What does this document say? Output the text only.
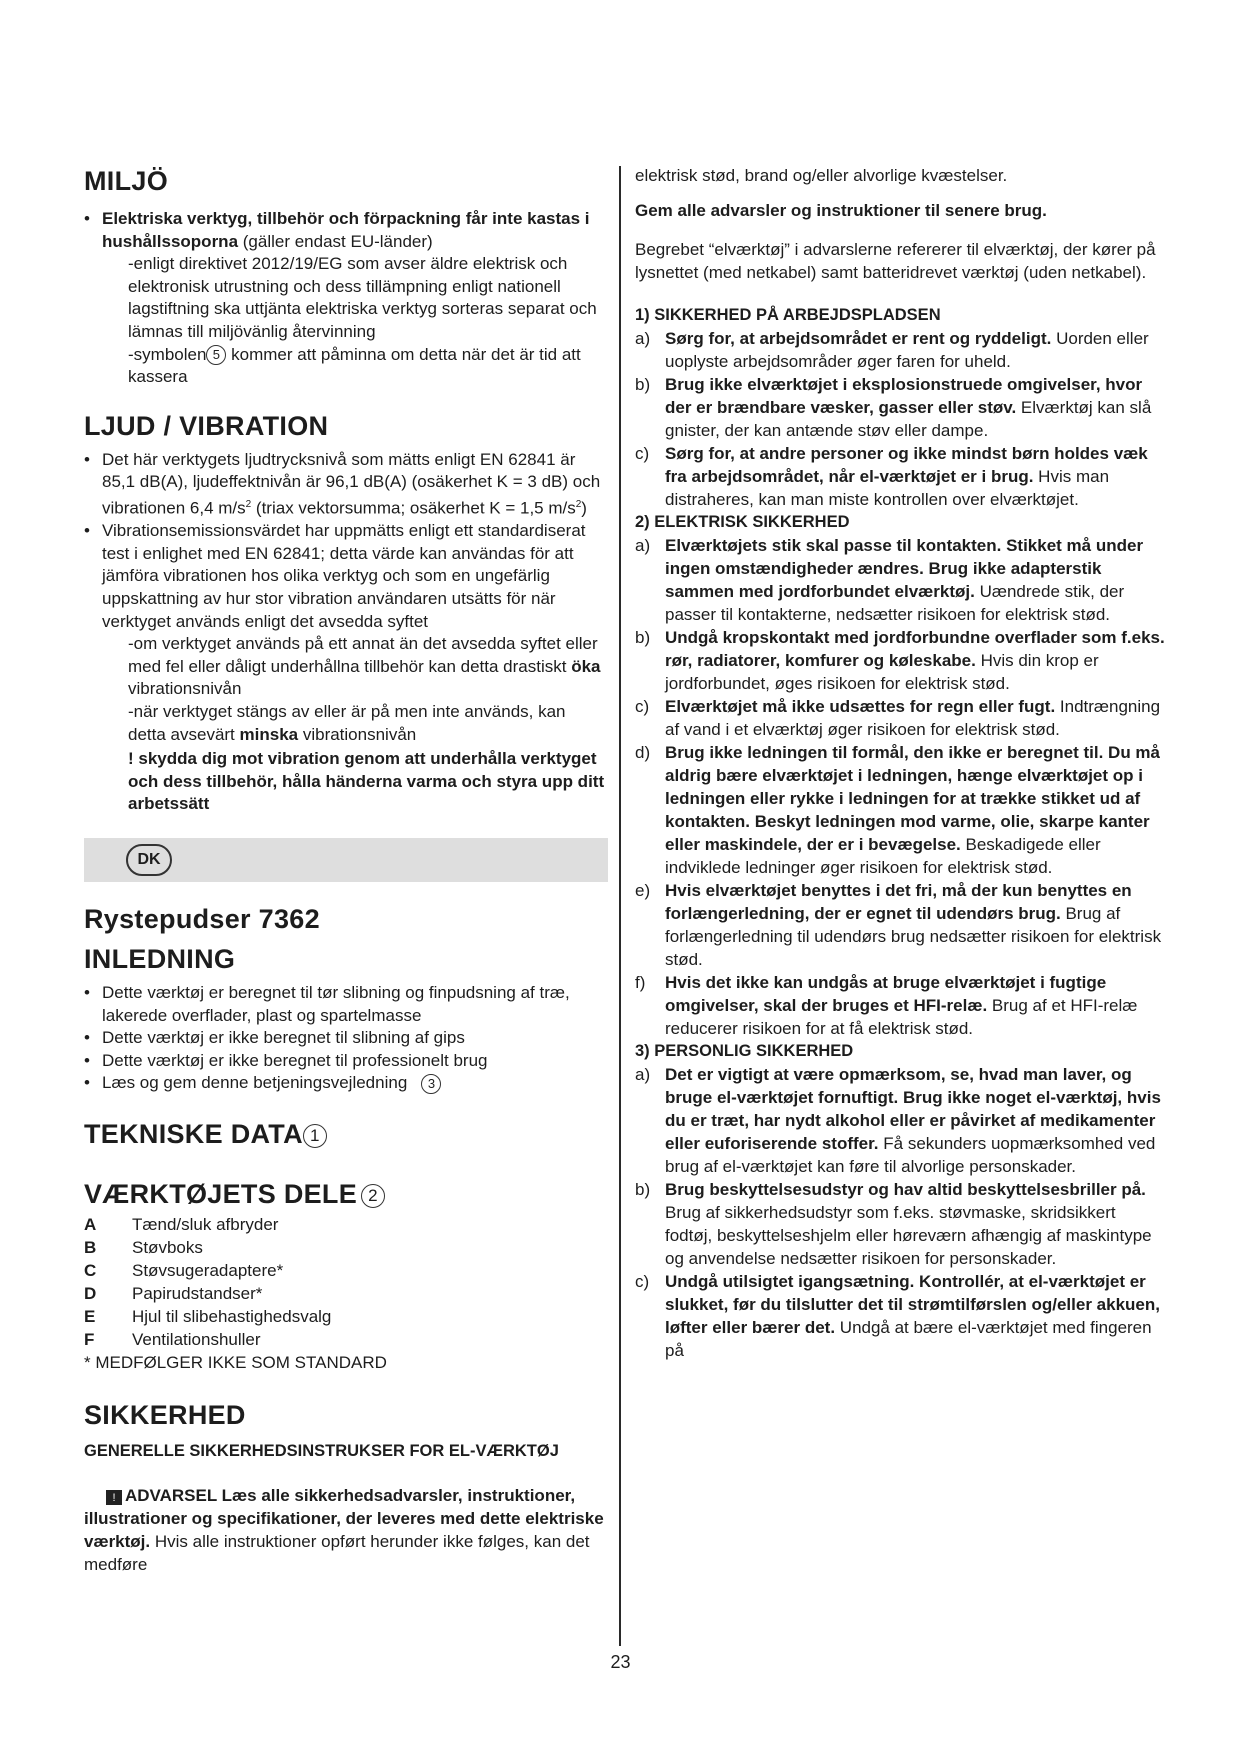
MILJÖ
• Elektriska verktyg, tillbehör och förpackning får inte kastas i hushållssoporna (gäller endast EU-länder)
-enligt direktivet 2012/19/EG som avser äldre elektrisk och elektronisk utrustning och dess tillämpning enligt nationell lagstiftning ska uttjänta elektriska verktyg sorteras separat och lämnas till miljövänlig återvinning
-symbolen 5 kommer att påminna om detta när det är tid att kassera
LJUD / VIBRATION
• Det här verktygets ljudtrycksnivå som mätts enligt EN 62841 är 85,1 dB(A), ljudeffektnivån är 96,1 dB(A) (osäkerhet K = 3 dB) och vibrationen 6,4 $m/s^2$ (triax vektorsumma; osäkerhet K = 1,5 $m/s^2$)
• Vibrationsemissionsvärdet har uppmätts enligt ett standardiserat test i enlighet med EN 62841; detta värde kan användas för att jämföra vibrationen hos olika verktyg och som en ungefärlig uppskattning av hur stor vibration användaren utsätts för när verktyget används enligt det avsedda syftet
-om verktyget används på ett annat än det avsedda syftet eller med fel eller dåligt underhållna tillbehör kan detta drastiskt öka vibrationsnivån
-när verktyget stängs av eller är på men inte används, kan detta avsevärt minska vibrationsnivån
! skydda dig mot vibration genom att underhålla verktyget och dess tillbehör, hålla händerna varma och styra upp ditt arbetssätt
DK
Rystepudser 7362
INLEDNING
• Dette værktøj er beregnet til tør slibning og finpudsning af træ, lakerede overflader, plast og spartelmasse
• Dette værktøj er ikke beregnet til slibning af gips
• Dette værktøj er ikke beregnet til professionelt brug
• Læs og gem denne betjeningsvejledning 3
TEKNISKE DATA 1
VÆRKTØJETS DELE 2
A	Tænd/sluk afbryder
B	Støvboks
C	Støvsugeradaptere*
D	Papirudstandser*
E	Hjul til slibehastighedsvalg
F	Ventilationshuller

* MEDFØLGER IKKE SOM STANDARD

SIKKERHED
GENERELLE SIKKERHEDSINSTRUKSER FOR EL-VÆRKTØJ

! ADVARSEL Læs alle sikkerhedsadvarsler, instruktioner, illustrationer og specifikationer, der leveres med dette elektriske værktøj. Hvis alle instruktioner opført herunder ikke følges, kan det medføre

elektrisk stød, brand og/eller alvorlige kvæstelser.

Gem alle advarsler og instruktioner til senere brug.

Begrebet “elværktøj” i advarslerne refererer til elværktøj, der kører på lysnettet (med netkabel) samt batteridrevet værktøj (uden netkabel).

1) SIKKERHED PÅ ARBEJDSPLADSEN
a) Sørg for, at arbejdsområdet er rent og ryddeligt. Uorden eller uoplyste arbejdsområder øger faren for uheld.
b) Brug ikke elværktøjet i eksplosionstruede omgivelser, hvor der er brændbare væsker, gasser eller støv. Elværktøj kan slå gnister, der kan antænde støv eller dampe.
c) Sørg for, at andre personer og ikke mindst børn holdes væk fra arbejdsområdet, når el-værktøjet er i brug. Hvis man distraheres, kan man miste kontrollen over elværktøjet.
2) ELEKTRISK SIKKERHED
a) Elværktøjets stik skal passe til kontakten. Stikket må under ingen omstændigheder ændres. Brug ikke adapterstik sammen med jordforbundet elværktøj. Uændrede stik, der passer til kontakterne, nedsætter risikoen for elektrisk stød.
b) Undgå kropskontakt med jordforbundne overflader som f.eks. rør, radiatorer, komfurer og køleskabe. Hvis din krop er jordforbundet, øges risikoen for elektrisk stød.
c) Elværktøjet må ikke udsættes for regn eller fugt. Indtrængning af vand i et elværktøj øger risikoen for elektrisk stød.
d) Brug ikke ledningen til formål, den ikke er beregnet til. Du må aldrig bære elværktøjet i ledningen, hænge elværktøjet op i ledningen eller rykke i ledningen for at trække stikket ud af kontakten. Beskyt ledningen mod varme, olie, skarpe kanter eller maskindele, der er i bevægelse. Beskadigede eller indviklede ledninger øger risikoen for elektrisk stød.
e) Hvis elværktøjet benyttes i det fri, må der kun benyttes en forlængerledning, der er egnet til udendørs brug. Brug af forlængerledning til udendørs brug nedsætter risikoen for elektrisk stød.
f) Hvis det ikke kan undgås at bruge elværktøjet i fugtige omgivelser, skal der bruges et HFI-relæ. Brug af et HFI-relæ reducerer risikoen for at få elektrisk stød.
3) PERSONLIG SIKKERHED
a) Det er vigtigt at være opmærksom, se, hvad man laver, og bruge el-værktøjet fornuftigt. Brug ikke noget el-værktøj, hvis du er træt, har nydt alkohol eller er påvirket af medikamenter eller euforiserende stoffer. Få sekunders uopmærksomhed ved brug af el-værktøjet kan føre til alvorlige personskader.
b) Brug beskyttelsesudstyr og hav altid beskyttelsesbriller på. Brug af sikkerhedsudstyr som f.eks. støvmaske, skridsikkert fodtøj, beskyttelseshjelm eller høreværn afhængig af maskintype og anvendelse nedsætter risikoen for personskader.
c) Undgå utilsigtet igangsætning. Kontrollér, at el-værktøjet er slukket, før du tilslutter det til strømtilførslen og/eller akkuen, løfter eller bærer det. Undgå at bære el-værktøjet med fingeren på
23
